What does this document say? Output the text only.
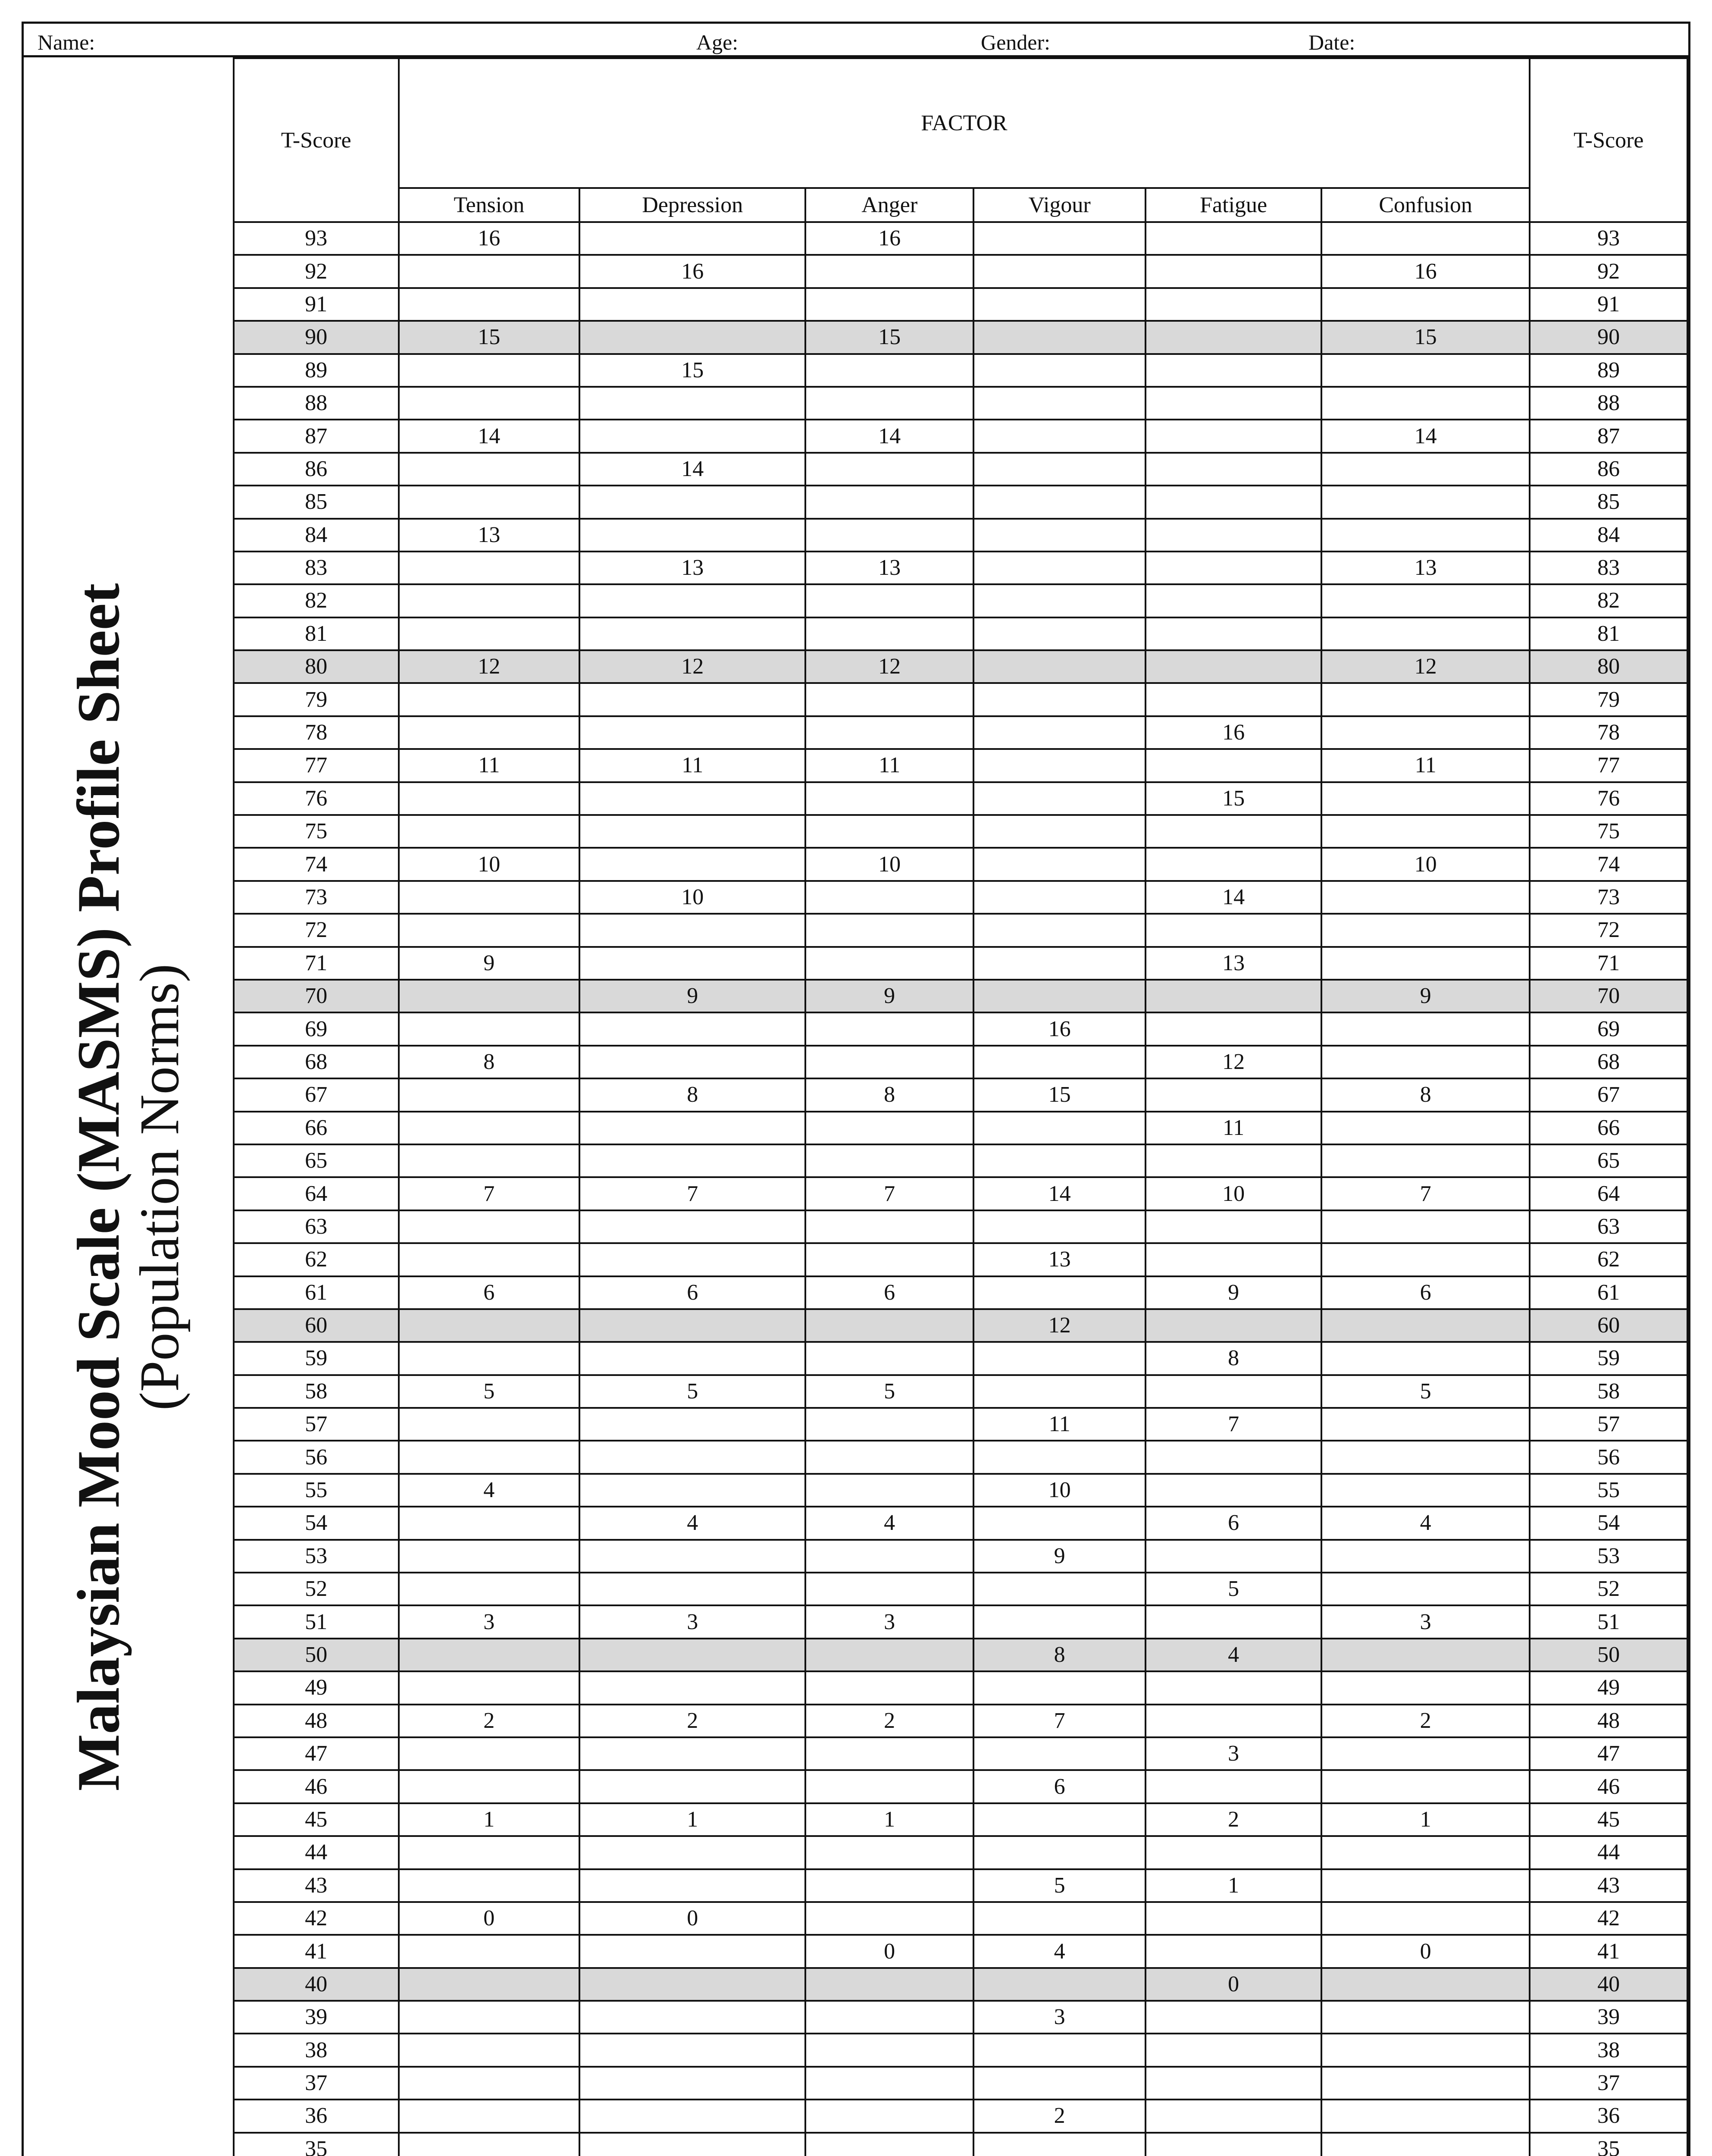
Name:	Age:	Gender:	Date:
Malaysian Mood Scale (MASMS) Profile Sheet
(Population Norms)
T-Score	FACTOR						T-Score
	Tension	Depression	Anger	Vigour	Fatigue	Confusion	
93	16		16				93
92		16				16	92
91							91
90	15		15			15	90
89		15					89
88							88
87	14		14			14	87
86		14					86
85							85
84	13						84
83		13	13			13	83
82							82
81							81
80	12	12	12			12	80
79							79
78					16		78
77	11	11	11			11	77
76					15		76
75							75
74	10		10			10	74
73		10			14		73
72							72
71	9				13		71
70		9	9			9	70
69				16			69
68	8				12		68
67		8	8	15		8	67
66					11		66
65							65
64	7	7	7	14	10	7	64
63							63
62				13			62
61	6	6	6		9	6	61
60				12			60
59					8		59
58	5	5	5			5	58
57				11	7		57
56							56
55	4			10			55
54		4	4		6	4	54
53				9			53
52					5		52
51	3	3	3			3	51
50				8	4		50
49							49
48	2	2	2	7		2	48
47					3		47
46				6			46
45	1	1	1		2	1	45
44							44
43				5	1		43
42	0	0					42
41			0	4		0	41
40					0		40
39				3			39
38							38
37							37
36				2			36
35							35
